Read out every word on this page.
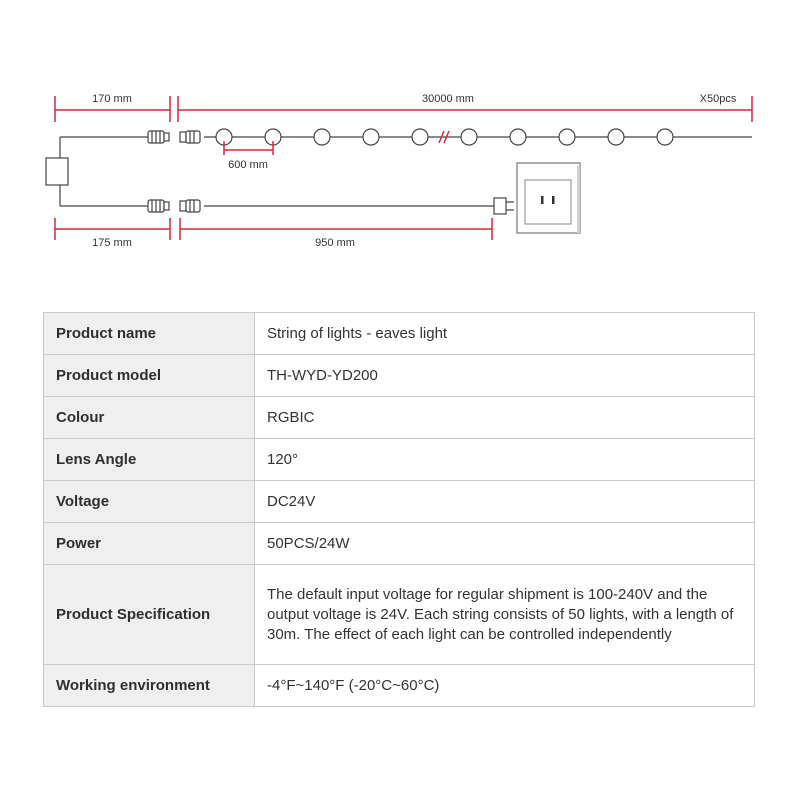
170 mm	30000 mm	X50pcs
600 mm
175 mm	950 mm
Product name	String of lights - eaves light
Product model	TH-WYD-YD200
Colour	RGBIC
Lens Angle	120°
Voltage	DC24V
Power	50PCS/24W
Product Specification	The default input voltage for regular shipment is 100-240V and the output voltage is 24V. Each string consists of 50 lights, with a length of 30m. The effect of each light can be controlled independently
Working environment	-4°F~140°F (-20°C~60°C)
